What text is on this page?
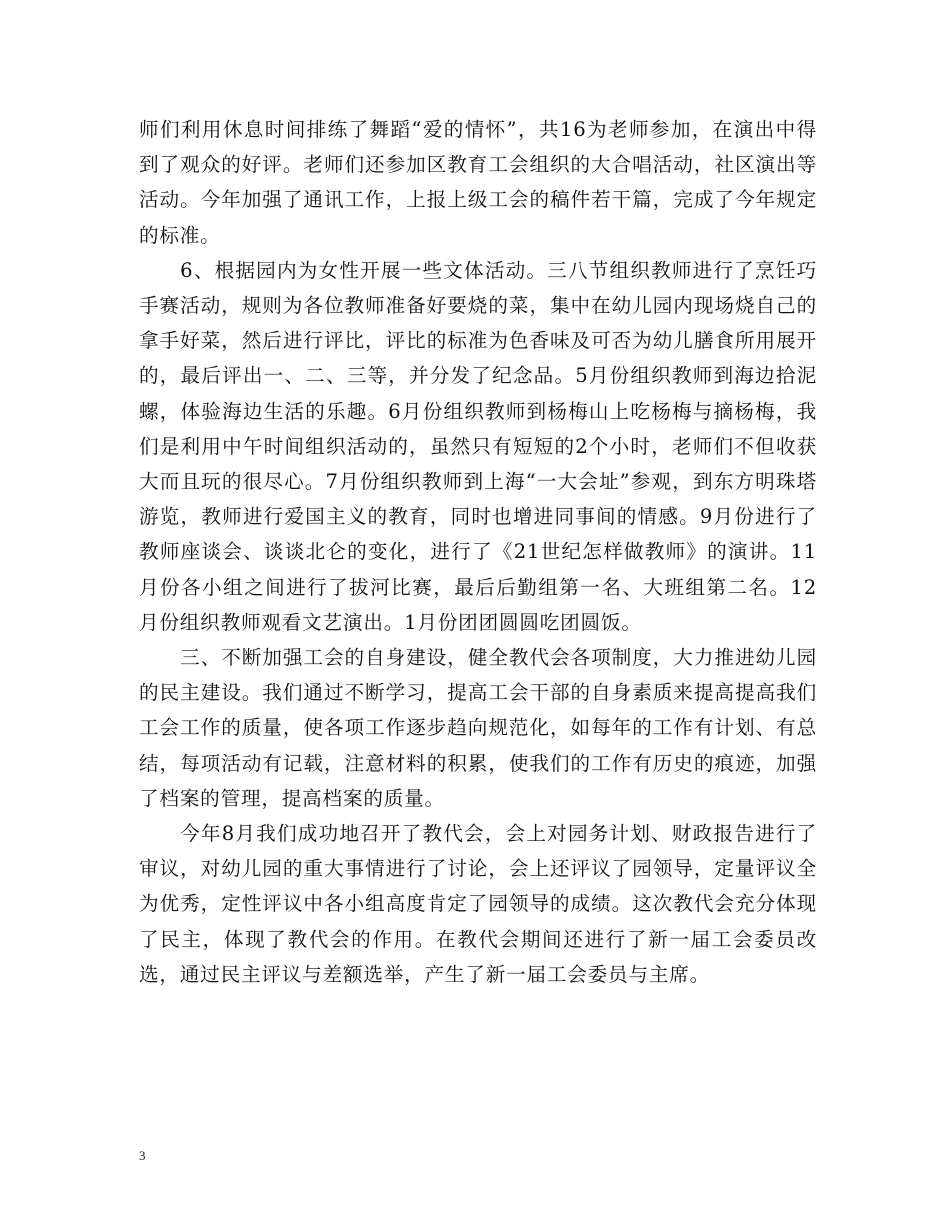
师们利用休息时间排练了舞蹈“爱的情怀”，共16为老师参加，在演出中得到了观众的好评。老师们还参加区教育工会组织的大合唱活动，社区演出等活动。今年加强了通讯工作，上报上级工会的稿件若干篇，完成了今年规定的标准。

6、根据园内为女性开展一些文体活动。三八节组织教师进行了烹饪巧手赛活动，规则为各位教师准备好要烧的菜，集中在幼儿园内现场烧自己的拿手好菜，然后进行评比，评比的标准为色香味及可否为幼儿膳食所用展开的，最后评出一、二、三等，并分发了纪念品。5月份组织教师到海边拾泥螺，体验海边生活的乐趣。6月份组织教师到杨梅山上吃杨梅与摘杨梅，我们是利用中午时间组织活动的，虽然只有短短的2个小时，老师们不但收获大而且玩的很尽心。7月份组织教师到上海“一大会址”参观，到东方明珠塔游览，教师进行爱国主义的教育，同时也增进同事间的情感。9月份进行了教师座谈会、谈谈北仑的变化，进行了《21世纪怎样做教师》的演讲。11月份各小组之间进行了拔河比赛，最后后勤组第一名、大班组第二名。12月份组织教师观看文艺演出。1月份团团圆圆吃团圆饭。

三、不断加强工会的自身建设，健全教代会各项制度，大力推进幼儿园的民主建设。我们通过不断学习，提高工会干部的自身素质来提高提高我们工会工作的质量，使各项工作逐步趋向规范化，如每年的工作有计划、有总结，每项活动有记载，注意材料的积累，使我们的工作有历史的痕迹，加强了档案的管理，提高档案的质量。

今年8月我们成功地召开了教代会，会上对园务计划、财政报告进行了审议，对幼儿园的重大事情进行了讨论，会上还评议了园领导，定量评议全为优秀，定性评议中各小组高度肯定了园领导的成绩。这次教代会充分体现了民主，体现了教代会的作用。在教代会期间还进行了新一届工会委员改选，通过民主评议与差额选举，产生了新一届工会委员与主席。

3
